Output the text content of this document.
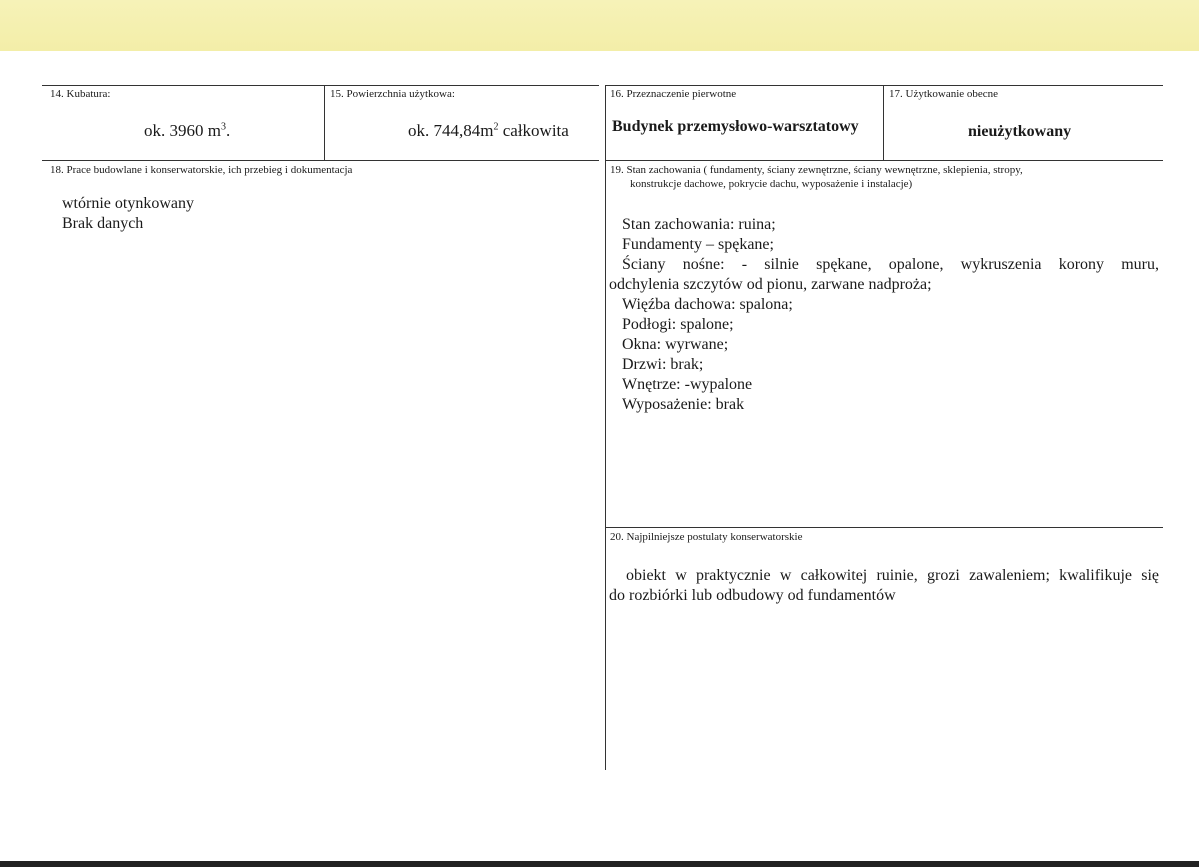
14. Kubatura:
ok. 3960 $m^3$.
15. Powierzchnia użytkowa:
ok. $744,84m^2$ całkowita
16. Przeznaczenie pierwotne
Budynek przemysłowo-warsztatowy
17. Użytkowanie obecne
nieużytkowany
18. Prace budowlane i konserwatorskie, ich przebieg i dokumentacja
wtórnie otynkowany
Brak danych
19. Stan zachowania ( fundamenty, ściany zewnętrzne, ściany wewnętrzne, sklepienia, stropy,
konstrukcje dachowe, pokrycie dachu, wyposażenie i instalacje)
Stan zachowania: ruina;
Fundamenty – spękane;
Ściany nośne: - silnie spękane, opalone, wykruszenia korony muru,
odchylenia szczytów od pionu, zarwane nadproża;
Więźba dachowa: spalona;
Podłogi: spalone;
Okna: wyrwane;
Drzwi: brak;
Wnętrze: -wypalone
Wyposażenie: brak
20. Najpilniejsze postulaty konserwatorskie
obiekt w praktycznie w całkowitej ruinie, grozi zawaleniem; kwalifikuje się
do rozbiórki lub odbudowy od fundamentów
